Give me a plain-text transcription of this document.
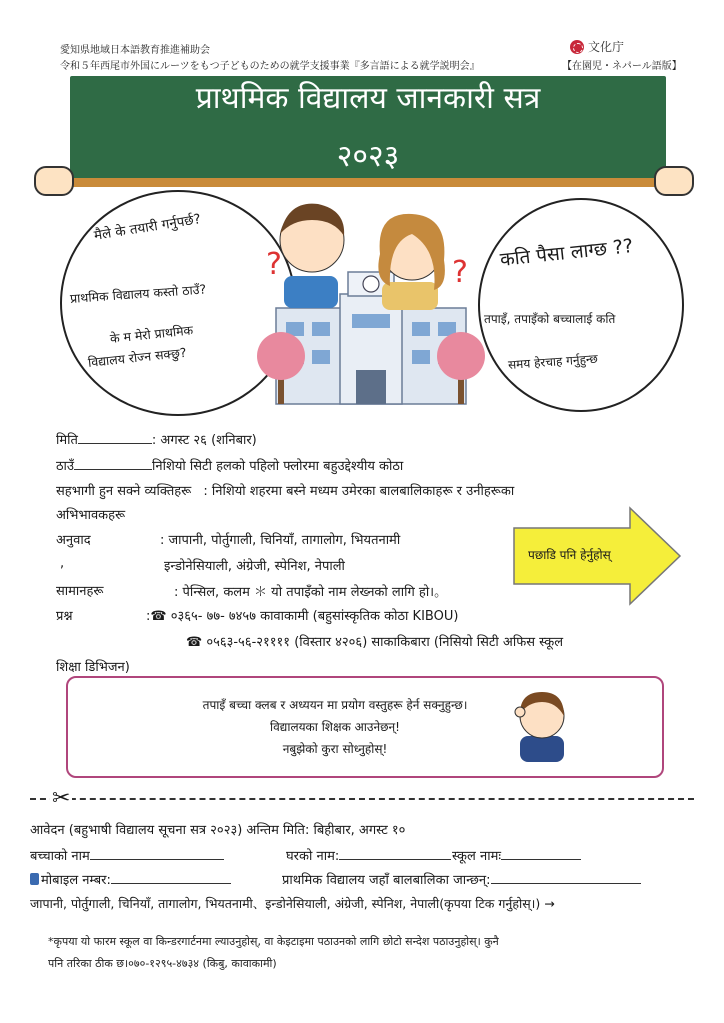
愛知県地域日本語教育推進補助会
令和５年西尾市外国にルーツをもつ子どものための就学支援事業『多言語による就学説明会』
文化庁
【在園児・ネパール語版】
प्राथमिक विद्यालय जानकारी सत्र
२०२३
मैले के तयारी गर्नुपर्छ?
प्राथमिक विद्यालय कस्तो ठाउँ?
के म मेरो प्राथमिक
विद्यालय रोज्न सक्छु?
?	?
कति पैसा लाग्छ ??
तपाइँ, तपाइँको बच्चालाई कति
समय हेरचाह गर्नुहुन्छ
मिति	: अगस्ट २६ (शनिबार)
ठाउँ	निशियो सिटी हलको पहिलो फ्लोरमा बहुउद्देश्यीय कोठा
सहभागी हुन सक्ने व्यक्तिहरू : निशियो शहरमा बस्ने मध्यम उमेरका बालबालिकाहरू र उनीहरूका
अभिभावकहरू
अनुवाद	: जापानी, पोर्तुगाली, चिनियाँ, तागालोग, भियतनामी
,	इन्डोनेसियाली, अंग्रेजी, स्पेनिश, नेपाली
सामानहरू	: पेन्सिल, कलम ＊ यो तपाइँको नाम लेख्नको लागि हो।。
प्रश्न	:☎ ०३६५- ७७- ७४५७ कावाकामी (बहुसांस्कृतिक कोठा KIBOU)
☎ ०५६३-५६-२११११ (विस्तार ४२०६) साकाकिबारा (निसियो सिटी अफिस स्कूल
शिक्षा डिभिजन)
पछाडि पनि हेर्नुहोस्
तपाइँ बच्चा क्लब र अध्ययन मा प्रयोग वस्तुहरू हेर्न सक्नुहुन्छ।
विद्यालयका शिक्षक आउनेछन्!
नबुझेको कुरा सोध्नुहोस्!
✂
आवेदन (बहुभाषी विद्यालय सूचना सत्र २०२३) अन्तिम मिति: बिहीबार, अगस्ट १०
बच्चाको नाम	घरको नाम:	स्कूल नामः
मोबाइल नम्बर:	प्राथमिक विद्यालय जहाँ बालबालिका जान्छन्:
जापानी, पोर्तुगाली, चिनियाँ, तागालोग, भियतनामी、इन्डोनेसियाली, अंग्रेजी, स्पेनिश, नेपाली(कृपया टिक गर्नुहोस्।) →
*कृपया यो फारम स्कूल वा किन्डरगार्टनमा ल्याउनुहोस्, वा केइटाइमा पठाउनको लागि छोटो सन्देश पठाउनुहोस्। कुनै
पनि तरिका ठीक छ।०७०-१२९५-४७३४ (किबु, कावाकामी)
